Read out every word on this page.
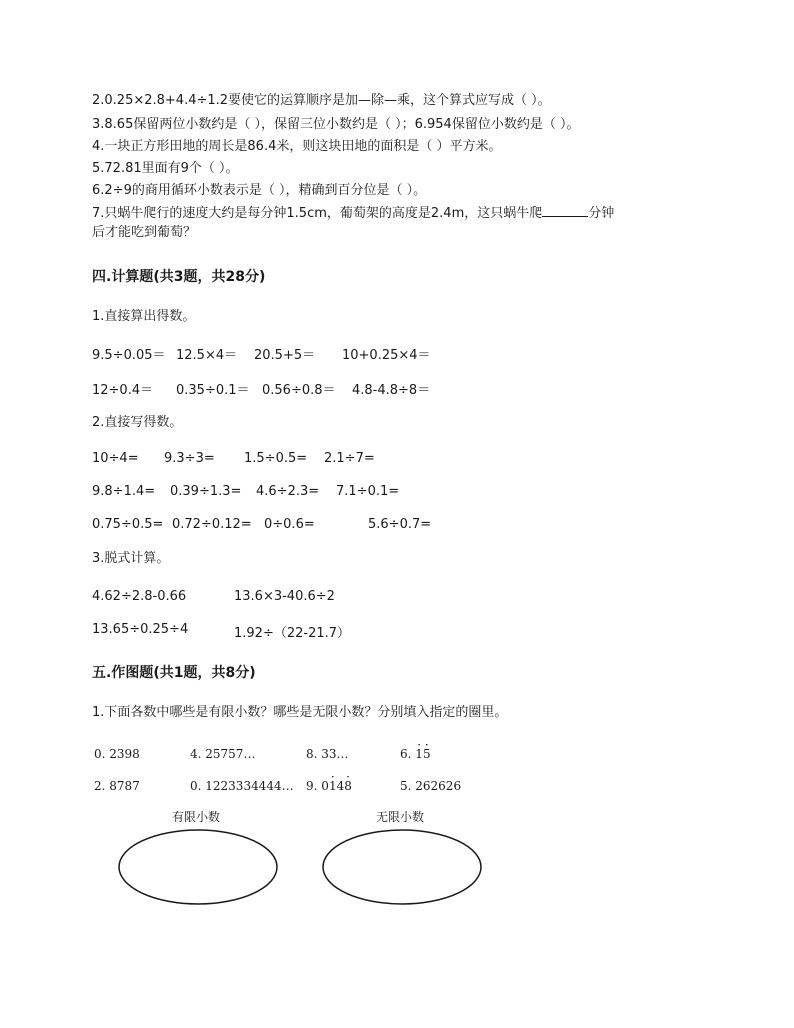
2.0.25×2.8+4.4÷1.2要使它的运算顺序是加—除—乘，这个算式应写成（ ）。
3.8.65保留两位小数约是（ ），保留三位小数约是（ ）；6.954保留位小数约是（ ）。
4.一块正方形田地的周长是86.4米，则这块田地的面积是（ ）平方米。
5.72.81里面有9个（ ）。
6.2÷9的商用循环小数表示是（ ），精确到百分位是（ ）。
7.只蜗牛爬行的速度大约是每分钟1.5cm，葡萄架的高度是2.4m，这只蜗牛爬	分钟
后才能吃到葡萄？
四.计算题(共3题，共28分)
1.直接算出得数。
9.5÷0.05＝ 12.5×4＝ 20.5+5＝ 10+0.25×4＝
12÷0.4＝ 0.35÷0.1＝ 0.56÷0.8＝ 4.8-4.8÷8＝
2.直接写得数。
10÷4= 9.3÷3= 1.5÷0.5= 2.1÷7=
9.8÷1.4= 0.39÷1.3= 4.6÷2.3= 7.1÷0.1=
0.75÷0.5= 0.72÷0.12= 0÷0.6=	5.6÷0.7=
3.脱式计算。
4.62÷2.8-0.66	13.6×3-40.6÷2
13.65÷0.25÷4	1.92÷（22-21.7）
五.作图题(共1题，共8分)
1.下面各数中哪些是有限小数？哪些是无限小数？分别填入指定的圈里。
0. 2398	4. 25757…	8. 33…	6. · 1· 5
2. 8787	0. 1223334444… 9. 0· 14· 8	5. 262626
有限小数	无限小数
